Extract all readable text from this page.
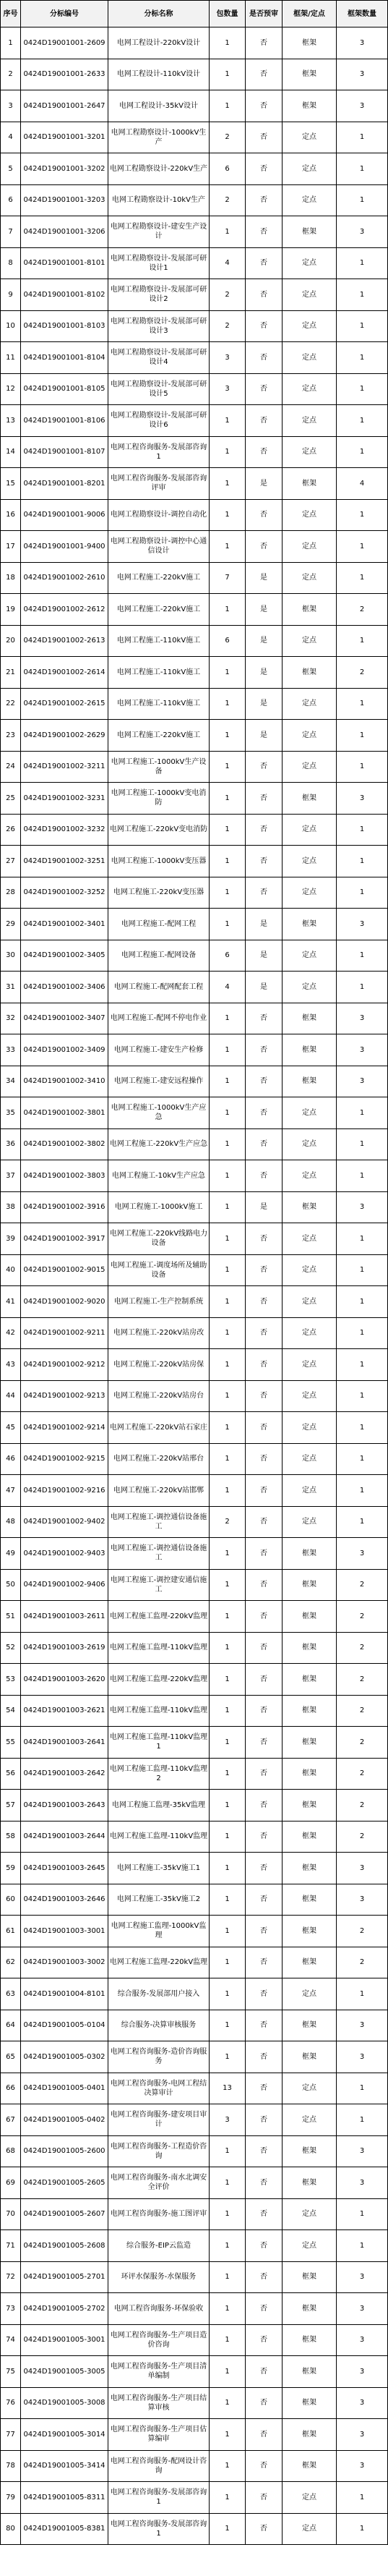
序号	分标编号	分标名称	包数量	是否预审	框架/定点	框架数量
1	0424D19001001-2609	电网工程设计-220kV设计	1	否	框架	3
2	0424D19001001-2633	电网工程设计-110kV设计	1	否	框架	3
3	0424D19001001-2647	电网工程设计-35kV设计	1	否	框架	3
4	0424D19001001-3201	电网工程勘察设计-1000kV生产	2	否	定点	1
5	0424D19001001-3202	电网工程勘察设计-220kV生产	6	否	定点	1
6	0424D19001001-3203	电网工程勘察设计-10kV生产	2	否	定点	1
7	0424D19001001-3206	电网工程勘察设计-建安生产设计	1	否	框架	3
8	0424D19001001-8101	电网工程勘察设计-发展部可研设计1	4	否	定点	1
9	0424D19001001-8102	电网工程勘察设计-发展部可研设计2	2	否	定点	1
10	0424D19001001-8103	电网工程勘察设计-发展部可研设计3	2	否	定点	1
11	0424D19001001-8104	电网工程勘察设计-发展部可研设计4	3	否	定点	1
12	0424D19001001-8105	电网工程勘察设计-发展部可研设计5	3	否	定点	1
13	0424D19001001-8106	电网工程勘察设计-发展部可研设计6	1	否	定点	1
14	0424D19001001-8107	电网工程咨询服务-发展部咨询1	1	否	定点	1
15	0424D19001001-8201	电网工程咨询服务-发展部咨询评审	1	是	框架	4
16	0424D19001001-9006	电网工程勘察设计-调控自动化	1	否	定点	1
17	0424D19001001-9400	电网工程勘察设计-调控中心通信设计	1	否	定点	1
18	0424D19001002-2610	电网工程施工-220kV施工	7	是	定点	1
19	0424D19001002-2612	电网工程施工-220kV施工	1	是	框架	2
20	0424D19001002-2613	电网工程施工-110kV施工	6	是	定点	1
21	0424D19001002-2614	电网工程施工-110kV施工	1	是	框架	2
22	0424D19001002-2615	电网工程施工-110kV施工	1	是	定点	1
23	0424D19001002-2629	电网工程施工-220kV施工	1	是	定点	1
24	0424D19001002-3211	电网工程施工-1000kV生产设备	1	否	定点	1
25	0424D19001002-3231	电网工程施工-1000kV变电消防	1	否	框架	3
26	0424D19001002-3232	电网工程施工-220kV变电消防	1	否	定点	1
27	0424D19001002-3251	电网工程施工-1000kV变压器	1	否	定点	1
28	0424D19001002-3252	电网工程施工-220kV变压器	1	否	定点	1
29	0424D19001002-3401	电网工程施工-配网工程	1	是	框架	3
30	0424D19001002-3405	电网工程施工-配网设备	6	是	定点	1
31	0424D19001002-3406	电网工程施工-配网配套工程	4	是	定点	1
32	0424D19001002-3407	电网工程施工-配网不停电作业	1	否	框架	3
33	0424D19001002-3409	电网工程施工-建安生产检修	1	否	框架	3
34	0424D19001002-3410	电网工程施工-建安远程操作	1	否	框架	3
35	0424D19001002-3801	电网工程施工-1000kV生产应急	1	否	定点	1
36	0424D19001002-3802	电网工程施工-220kV生产应急	1	否	定点	1
37	0424D19001002-3803	电网工程施工-10kV生产应急	1	否	定点	1
38	0424D19001002-3916	电网工程施工-1000kV施工	1	是	框架	3
39	0424D19001002-3917	电网工程施工-220kV线路电力设备	1	否	定点	1
40	0424D19001002-9015	电网工程施工-调度场所及辅助设备	1	否	定点	1
41	0424D19001002-9020	电网工程施工-生产控制系统	1	否	定点	1
42	0424D19001002-9211	电网工程施工-220kV站房改	1	否	定点	1
43	0424D19001002-9212	电网工程施工-220kV站房保	1	否	定点	1
44	0424D19001002-9213	电网工程施工-220kV站房台	1	否	定点	1
45	0424D19001002-9214	电网工程施工-220kV站石家庄	1	否	定点	1
46	0424D19001002-9215	电网工程施工-220kV站邢台	1	否	定点	1
47	0424D19001002-9216	电网工程施工-220kV站邯郸	1	否	定点	1
48	0424D19001002-9402	电网工程施工-调控通信设备施工	2	否	定点	1
49	0424D19001002-9403	电网工程施工-调控通信设备施工	1	否	框架	3
50	0424D19001002-9406	电网工程施工-调控建安通信施工	1	否	框架	2
51	0424D19001003-2611	电网工程施工监理-220kV监理	1	否	框架	2
52	0424D19001003-2619	电网工程施工监理-110kV监理	1	否	框架	2
53	0424D19001003-2620	电网工程施工监理-220kV监理	1	否	框架	2
54	0424D19001003-2621	电网工程施工监理-110kV监理	1	否	框架	2
55	0424D19001003-2641	电网工程施工监理-110kV监理1	1	否	框架	2
56	0424D19001003-2642	电网工程施工监理-110kV监理2	1	否	框架	2
57	0424D19001003-2643	电网工程施工监理-35kV监理	1	否	框架	2
58	0424D19001003-2644	电网工程施工监理-110kV监理	1	否	框架	2
59	0424D19001003-2645	电网工程施工-35kV施工1	1	否	框架	3
60	0424D19001003-2646	电网工程施工-35kV施工2	1	否	框架	3
61	0424D19001003-3001	电网工程施工监理-1000kV监理	1	否	框架	2
62	0424D19001003-3002	电网工程施工监理-220kV监理	1	否	框架	2
63	0424D19001004-8101	综合服务-发展部用户接入	1	否	定点	1
64	0424D19001005-0104	综合服务-决算审核服务	1	否	框架	3
65	0424D19001005-0302	电网工程咨询服务-造价咨询服务	1	否	框架	3
66	0424D19001005-0401	电网工程咨询服务-电网工程结决算审计	13	否	定点	1
67	0424D19001005-0402	电网工程咨询服务-建安项目审计	3	否	定点	1
68	0424D19001005-2600	电网工程咨询服务-工程造价咨询	1	否	框架	3
69	0424D19001005-2605	电网工程咨询服务-南水北调安全评价	1	否	框架	3
70	0424D19001005-2607	电网工程咨询服务-施工图评审	1	否	定点	1
71	0424D19001005-2608	综合服务-EIP云监造	1	否	定点	1
72	0424D19001005-2701	环评水保服务-水保服务	1	否	框架	3
73	0424D19001005-2702	电网工程咨询服务-环保验收	1	否	框架	3
74	0424D19001005-3001	电网工程咨询服务-生产项目造价咨询	1	否	框架	3
75	0424D19001005-3005	电网工程咨询服务-生产项目清单编制	1	否	框架	3
76	0424D19001005-3008	电网工程咨询服务-生产项目结算审核	1	否	框架	3
77	0424D19001005-3014	电网工程咨询服务-生产项目估算编审	1	否	框架	3
78	0424D19001005-3414	电网工程咨询服务-配网设计咨询	1	否	框架	3
79	0424D19001005-8311	电网工程咨询服务-发展部咨询1	1	否	定点	1
80	0424D19001005-8381	电网工程咨询服务-发展部咨询1	1	否	定点	1
